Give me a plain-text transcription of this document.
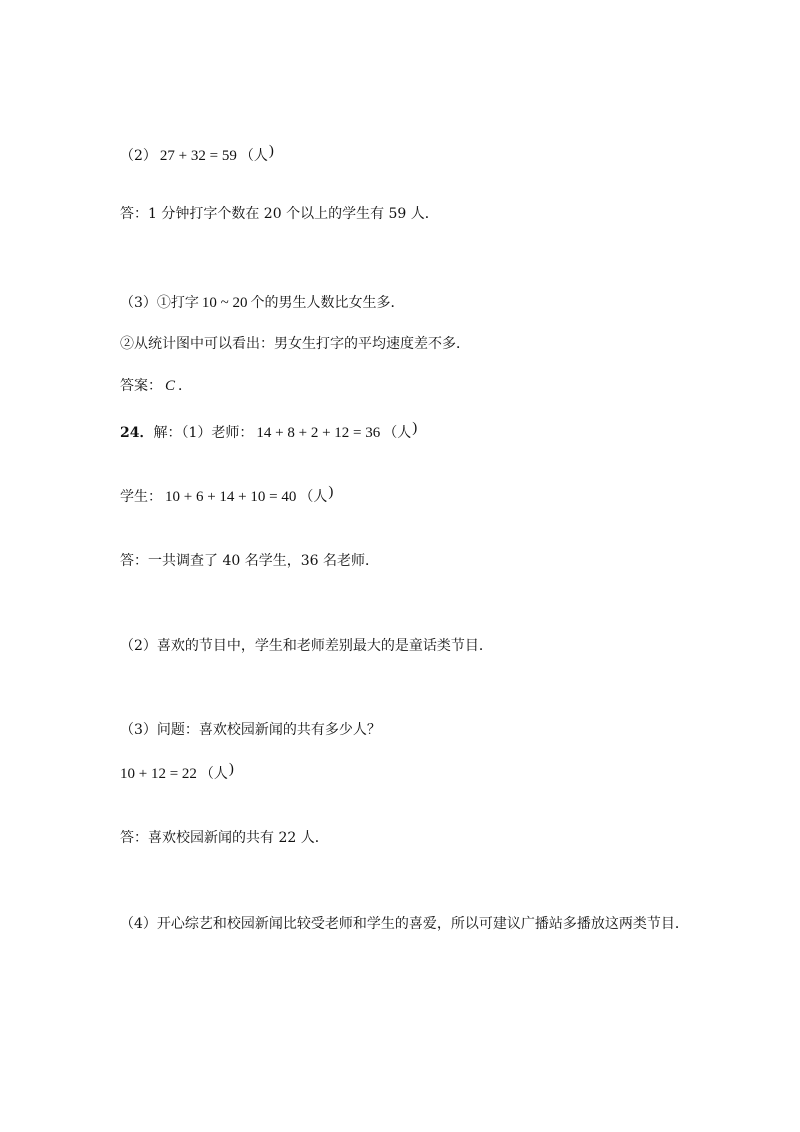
（2） 27 + 32 = 59 （人)
答：1 分钟打字个数在 20 个以上的学生有 59 人．
（3）①打字 10 ~ 20 个的男生人数比女生多．
②从统计图中可以看出：男女生打字的平均速度差不多．
答案： C ．
24．解：（1）老师： 14 + 8 + 2 + 12 = 36 （人)
学生： 10 + 6 + 14 + 10 = 40 （人)
答：一共调查了 40 名学生，36 名老师．
（2）喜欢的节目中，学生和老师差别最大的是童话类节目．
（3）问题：喜欢校园新闻的共有多少人？
10 + 12 = 22 （人)
答：喜欢校园新闻的共有 22 人．
（4）开心综艺和校园新闻比较受老师和学生的喜爱，所以可建议广播站多播放这两类节目．
